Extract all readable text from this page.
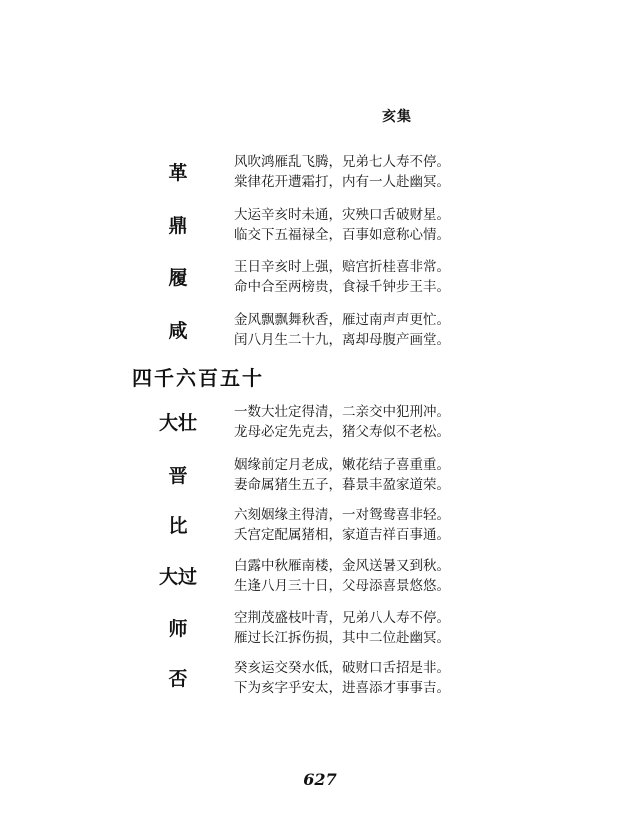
亥集
革	风吹鸿雁乱飞腾，兄弟七人寿不停。
棠律花开遭霜打，内有一人赴幽冥。
鼎	大运辛亥时未通，灾殃口舌破财星。
临交下五福禄全，百事如意称心情。
履	王日辛亥时上强，赔宫折桂喜非常。
命中合至两榜贵，食禄千钟步王丰。
咸	金风飘飘舞秋香，雁过南声声更忙。
闰八月生二十九，离却母腹产画堂。
四千六百五十
大壮	一数大壮定得清，二亲交中犯刑冲。
龙母必定先克去，猪父寿似不老松。
晋	姻缘前定月老成，嫩花结子喜重重。
妻命属猪生五子，暮景丰盈家道荣。
比	六刻姻缘主得清，一对鸳鸯喜非轻。
夭宫定配属猪相，家道吉祥百事通。
大过	白露中秋雁南楼，金风送暑又到秋。
生逢八月三十日，父母添喜景悠悠。
师	空荆茂盛枝叶青，兄弟八人寿不停。
雁过长江拆伤损，其中二位赴幽冥。
否	癸亥运交癸水低，破财口舌招是非。
下为亥字乎安太，进喜添才事事吉。
627
